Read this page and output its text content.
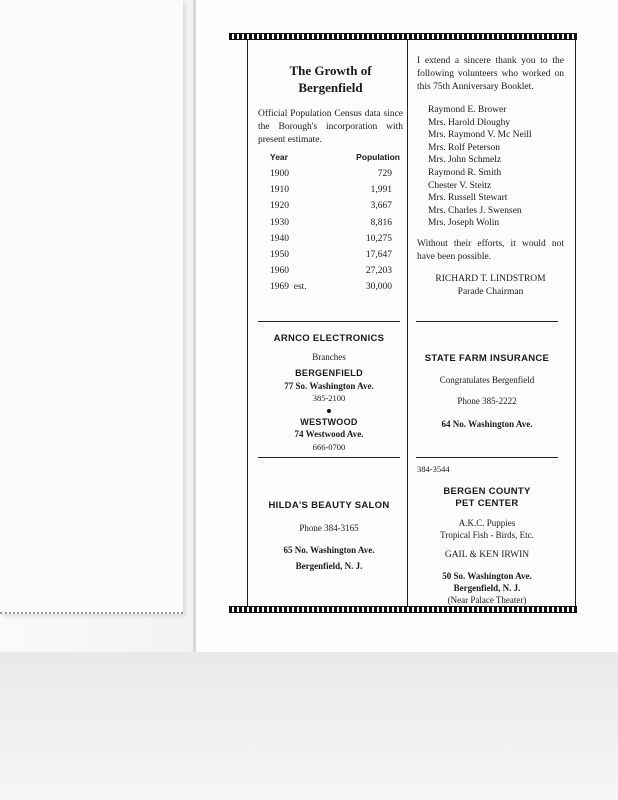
The Growth of
Bergenfield
Official Population Census data since the Borough's incorporation with present estimate.
Year	Population
1900	729
1910	1,991
1920	3,667
1930	8,816
1940	10,275
1950	17,647
1960	27,203
1969  est.	30,000
I extend a sincere thank you to the following volunteers who worked on this 75th Anniversary Booklet.
Raymond E. Brower
Mrs. Harold Dloughy
Mrs. Raymond V. Mc Neill
Mrs. Rolf Peterson
Mrs. John Schmelz
Raymond R. Smith
Chester V. Steitz
Mrs. Russell Stewart
Mrs. Charles J. Swensen
Mrs. Joseph Wolin
Without their efforts, it would not have been possible.
RICHARD T. LINDSTROM
Parade Chairman
ARNCO ELECTRONICS
Branches
BERGENFIELD
77 So. Washington Ave.
385-2100
WESTWOOD
74 Westwood Ave.
666-0700
STATE FARM INSURANCE
Congratulates Bergenfield
Phone 385-2222
64 No. Washington Ave.
HILDA'S BEAUTY SALON
Phone 384-3165
65 No. Washington Ave.
Bergenfield, N. J.
384-3544
BERGEN COUNTY
PET CENTER
A.K.C. Puppies
Tropical Fish - Birds, Etc.
GAIL & KEN IRWIN
50 So. Washington Ave.
Bergenfield, N. J.
(Near Palace Theater)
